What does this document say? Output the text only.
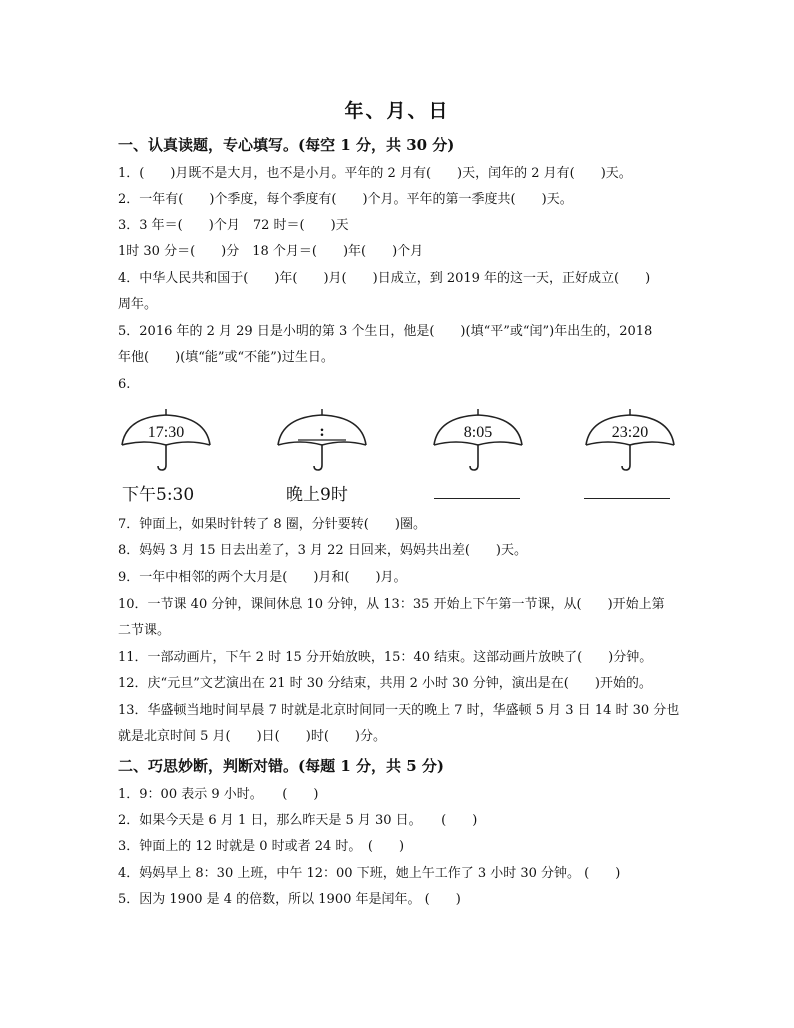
年、月、日
一、认真读题，专心填写。(每空 1 分，共 30 分)
1．(　　)月既不是大月，也不是小月。平年的 2 月有(　　)天，闰年的 2 月有(　　)天。
2．一年有(　　)个季度，每个季度有(　　)个月。平年的第一季度共(　　)天。
3．3 年＝(　　)个月　72 时＝(　　)天
1时 30 分＝(　　)分　18 个月＝(　　)年(　　)个月
4．中华人民共和国于(　　)年(　　)月(　　)日成立，到 2019 年的这一天，正好成立(　　)
周年。
5．2016 年的 2 月 29 日是小明的第 3 个生日，他是(　　)(填“平”或“闰”)年出生的，2018
年他(　　)(填“能”或“不能”)过生日。
6.
17:30
下午5:30
:
晚上9时
8:05	23:20
7．钟面上，如果时针转了 8 圈，分针要转(　　)圈。
8．妈妈 3 月 15 日去出差了，3 月 22 日回来，妈妈共出差(　　)天。
9．一年中相邻的两个大月是(　　)月和(　　)月。
10．一节课 40 分钟，课间休息 10 分钟，从 13：35 开始上下午第一节课，从(　　)开始上第
二节课。
11．一部动画片，下午 2 时 15 分开始放映，15：40 结束。这部动画片放映了(　　)分钟。
12．庆“元旦”文艺演出在 21 时 30 分结束，共用 2 小时 30 分钟，演出是在(　　)开始的。
13．华盛顿当地时间早晨 7 时就是北京时间同一天的晚上 7 时，华盛顿 5 月 3 日 14 时 30 分也
就是北京时间 5 月(　　)日(　　)时(　　)分。
二、巧思妙断，判断对错。(每题 1 分，共 5 分)
1．9：00 表示 9 小时。　　(　　)
2．如果今天是 6 月 1 日，那么昨天是 5 月 30 日。　　(　　)
3．钟面上的 12 时就是 0 时或者 24 时。　(　　)
4．妈妈早上 8：30 上班，中午 12：00 下班，她上午工作了 3 小时 30 分钟。 (　　)
5．因为 1900 是 4 的倍数，所以 1900 年是闰年。 (　　)
